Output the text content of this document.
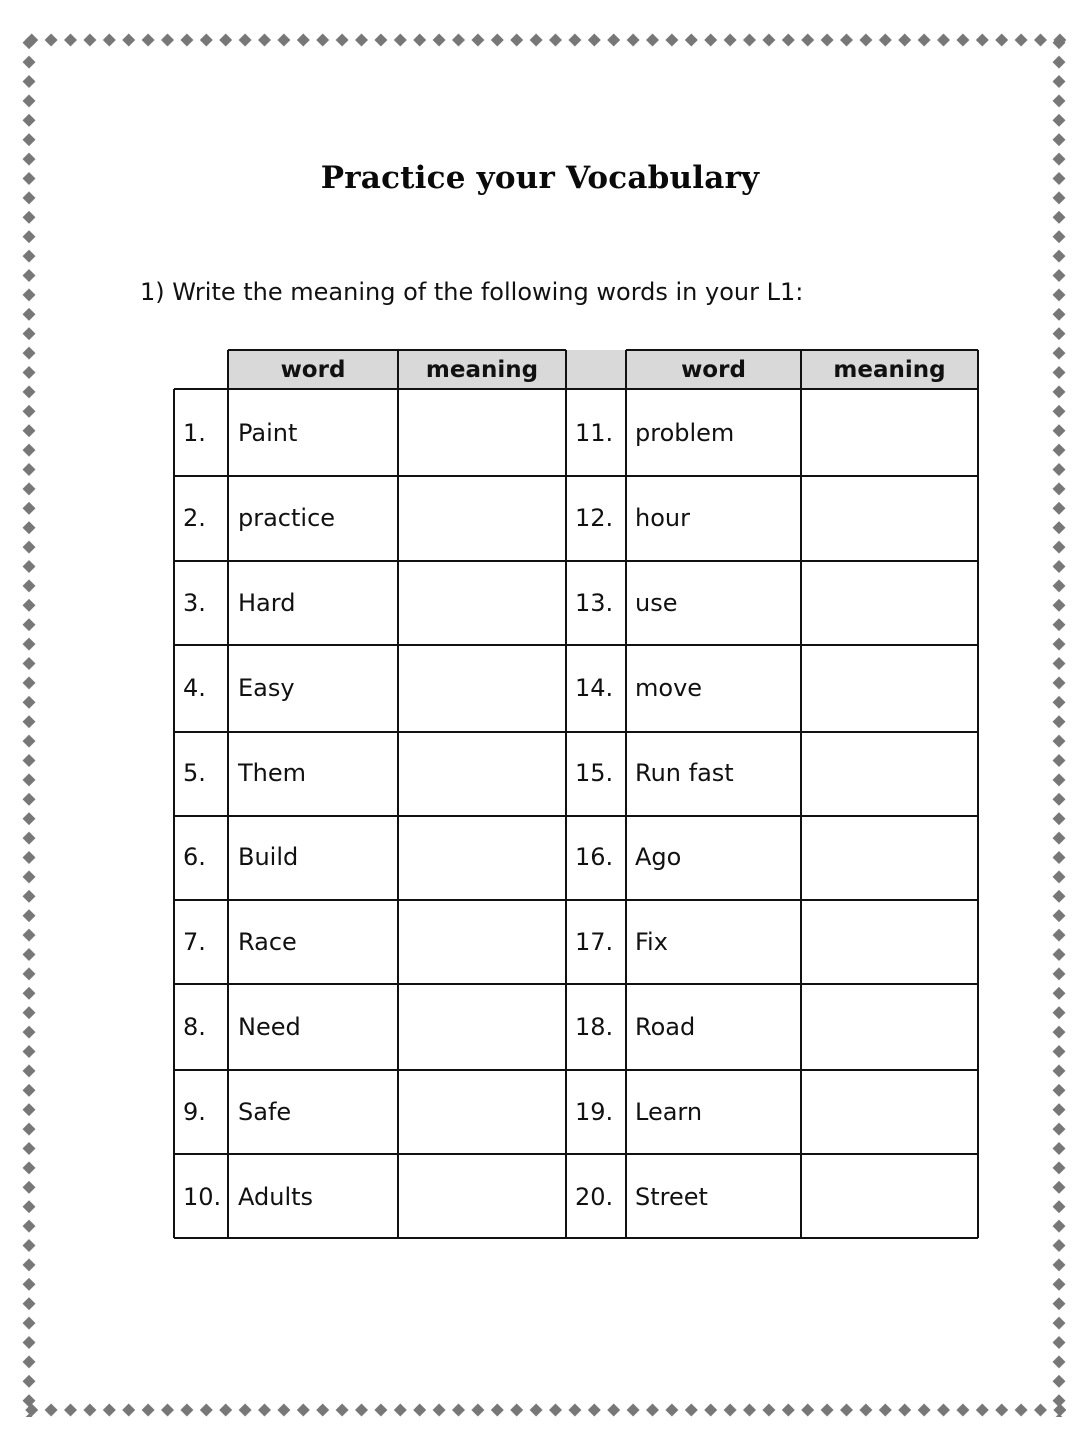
Practice your Vocabulary
1) Write the meaning of the following words in your L1:
word	meaning	word	meaning
1. Paint	11. problem
2. practice	12. hour
3. Hard	13. use
4. Easy	14. move
5. Them	15. Run fast
6. Build	16. Ago
7. Race	17. Fix
8. Need	18. Road
9. Safe	19. Learn
10. Adults	20. Street
